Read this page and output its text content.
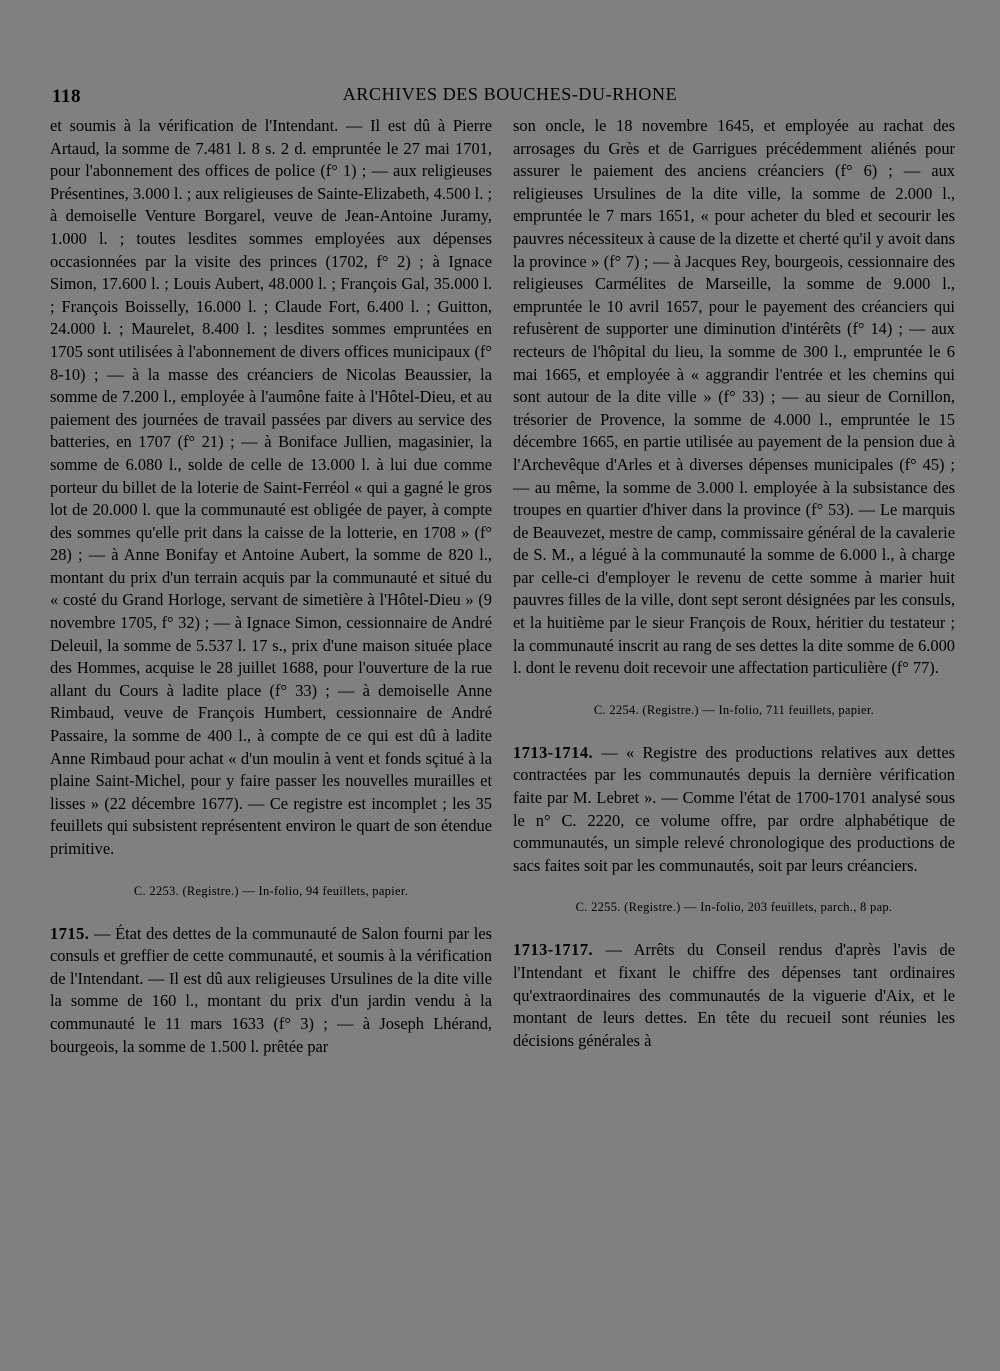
118	ARCHIVES DES BOUCHES-DU-RHONE

et soumis à la vérification de l'Intendant. — Il est dû à Pierre Artaud, la somme de 7.481 l. 8 s. 2 d. empruntée le 27 mai 1701, pour l'abonnement des offices de police (f° 1) ; — aux religieuses Présentines, 3.000 l. ; aux religieuses de Sainte-Elizabeth, 4.500 l. ; à demoiselle Venture Borgarel, veuve de Jean-Antoine Juramy, 1.000 l. ; toutes lesdites sommes employées aux dépenses occasionnées par la visite des princes (1702, f° 2) ; à Ignace Simon, 17.600 l. ; Louis Aubert, 48.000 l. ; François Gal, 35.000 l. ; François Boisselly, 16.000 l. ; Claude Fort, 6.400 l. ; Guitton, 24.000 l. ; Maurelet, 8.400 l. ; lesdites sommes empruntées en 1705 sont utilisées à l'abonnement de divers offices municipaux (f° 8-10) ; — à la masse des créanciers de Nicolas Beaussier, la somme de 7.200 l., employée à l'aumône faite à l'Hôtel-Dieu, et au paiement des journées de travail passées par divers au service des batteries, en 1707 (f° 21) ; — à Boniface Jullien, magasinier, la somme de 6.080 l., solde de celle de 13.000 l. à lui due comme porteur du billet de la loterie de Saint-Ferréol « qui a gagné le gros lot de 20.000 l. que la communauté est obligée de payer, à compte des sommes qu'elle prit dans la caisse de la lotterie, en 1708 » (f° 28) ; — à Anne Bonifay et Antoine Aubert, la somme de 820 l., montant du prix d'un terrain acquis par la communauté et situé du « costé du Grand Horloge, servant de simetière à l'Hôtel-Dieu » (9 novembre 1705, f° 32) ; — à Ignace Simon, cessionnaire de André Deleuil, la somme de 5.537 l. 17 s., prix d'une maison située place des Hommes, acquise le 28 juillet 1688, pour l'ouverture de la rue allant du Cours à ladite place (f° 33) ; — à demoiselle Anne Rimbaud, veuve de François Humbert, cessionnaire de André Passaire, la somme de 400 l., à compte de ce qui est dû à ladite Anne Rimbaud pour achat « d'un moulin à vent et fonds sçitué à la plaine Saint-Michel, pour y faire passer les nouvelles murailles et lisses » (22 décembre 1677). — Ce registre est incomplet ; les 35 feuillets qui subsistent représentent environ le quart de son étendue primitive.

C. 2253. (Registre.) — In-folio, 94 feuillets, papier.

1715. — État des dettes de la communauté de Salon fourni par les consuls et greffier de cette communauté, et soumis à la vérification de l'Intendant. — Il est dû aux religieuses Ursulines de la dite ville la somme de 160 l., montant du prix d'un jardin vendu à la communauté le 11 mars 1633 (f° 3) ; — à Joseph Lhérand, bourgeois, la somme de 1.500 l. prêtée par

son oncle, le 18 novembre 1645, et employée au rachat des arrosages du Grès et de Garrigues précédemment aliénés pour assurer le paiement des anciens créanciers (f° 6) ; — aux religieuses Ursulines de la dite ville, la somme de 2.000 l., empruntée le 7 mars 1651, « pour acheter du bled et secourir les pauvres nécessiteux à cause de la dizette et cherté qu'il y avoit dans la province » (f° 7) ; — à Jacques Rey, bourgeois, cessionnaire des religieuses Carmélites de Marseille, la somme de 9.000 l., empruntée le 10 avril 1657, pour le payement des créanciers qui refusèrent de supporter une diminution d'intérêts (f° 14) ; — aux recteurs de l'hôpital du lieu, la somme de 300 l., empruntée le 6 mai 1665, et employée à « aggrandir l'entrée et les chemins qui sont autour de la dite ville » (f° 33) ; — au sieur de Cornillon, trésorier de Provence, la somme de 4.000 l., empruntée le 15 décembre 1665, en partie utilisée au payement de la pension due à l'Archevêque d'Arles et à diverses dépenses municipales (f° 45) ; — au même, la somme de 3.000 l. employée à la subsistance des troupes en quartier d'hiver dans la province (f° 53). — Le marquis de Beauvezet, mestre de camp, commissaire général de la cavalerie de S. M., a légué à la communauté la somme de 6.000 l., à charge par celle-ci d'employer le revenu de cette somme à marier huit pauvres filles de la ville, dont sept seront désignées par les consuls, et la huitième par le sieur François de Roux, héritier du testateur ; la communauté inscrit au rang de ses dettes la dite somme de 6.000 l. dont le revenu doit recevoir une affectation particulière (f° 77).

C. 2254. (Registre.) — In-folio, 711 feuillets, papier.

1713-1714. — « Registre des productions relatives aux dettes contractées par les communautés depuis la dernière vérification faite par M. Lebret ». — Comme l'état de 1700-1701 analysé sous le n° C. 2220, ce volume offre, par ordre alphabétique de communautés, un simple relevé chronologique des productions de sacs faites soit par les communautés, soit par leurs créanciers.

C. 2255. (Registre.) — In-folio, 203 feuillets, parch., 8 pap.

1713-1717. — Arrêts du Conseil rendus d'après l'avis de l'Intendant et fixant le chiffre des dépenses tant ordinaires qu'extraordinaires des communautés de la viguerie d'Aix, et le montant de leurs dettes. En tête du recueil sont réunies les décisions générales à
